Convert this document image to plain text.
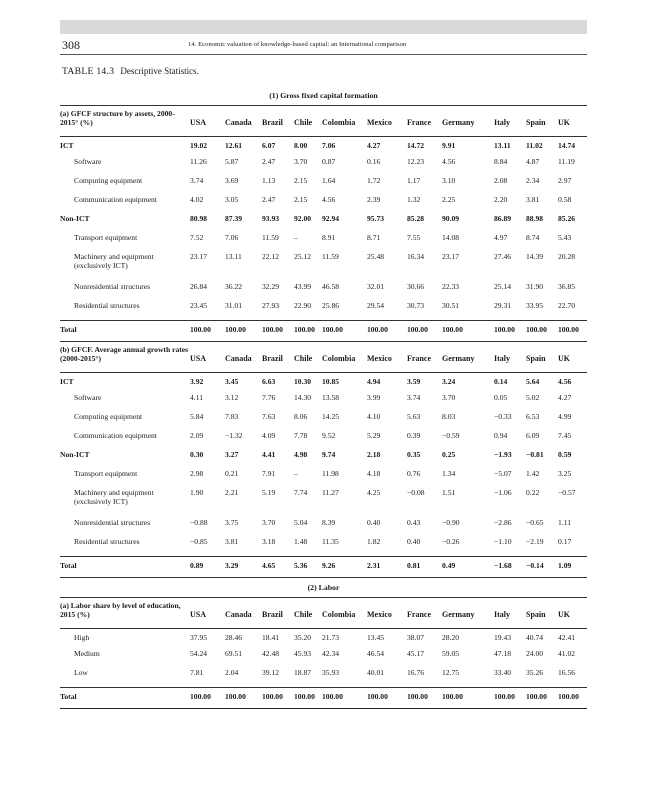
308	14. Economic valuation of knowledge-based capital: an International comparison
TABLE 14.3 Descriptive Statistics.
(1) Gross fixed capital formation
(a) GFCF structure by assets, 2000-2015° (%)	USA	Canada	Brazil	Chile	Colombia	Mexico	France	Germany	Italy	Spain	UK
ICT	19.02	12.61	6.07	8.00	7.06	4.27	14.72	9.91	13.11	11.02	14.74
Software	11.26	5.87	2.47	3.70	0.87	0.16	12.23	4.56	8.84	4.87	11.19
Computing equipment	3.74	3.69	1.13	2.15	1.64	1.72	1.17	3.10	2.08	2.34	2.97
Communication equipment	4.02	3.05	2.47	2.15	4.56	2.39	1.32	2.25	2.20	3.81	0.58
Non-ICT	80.98	87.39	93.93	92.00	92.94	95.73	85.28	90.09	86.89	88.98	85.26
Transport equipment	7.52	7.06	11.59	–	8.91	8.71	7.55	14.08	4.97	8.74	5.43
Machinery and equipment
(exclusively ICT)
23.17	13.11	22.12	25.12	11.59	25.48	16.34	23.17	27.46	14.39	20.28
Nonresidential structures	26.84	36.22	32.29	43.99	46.58	32.01	30.66	22.33	25.14	31.90	36.85
Residential structures	23.45	31.01	27.93	22.90	25.86	29.54	30.73	30.51	29.31	33.95	22.70
Total	100.00	100.00	100.00	100.00 100.00	100.00	100.00	100.00	100.00	100.00	100.00
(b) GFCF. Average annual growth rates (2000-2015°)	USA	Canada	Brazil	Chile	Colombia	Mexico	France	Germany	Italy	Spain	UK
ICT	3.92	3.45	6.63	10.30	10.85	4.94	3.59	3.24	0.14	5.64	4.56
Software	4.11	3.12	7.76	14.30	13.58	3.99	3.74	3.70	0.05	5.02	4.27
Computing equipment	5.84	7.83	7.63	8.06	14.25	4.10	5.63	8.03	−0.33	6.53	4.99
Communication equipment	2.09	−1.32	4.09	7.78	9.52	5.29	0.39	−0.59	0.94	6.09	7.45
Non-ICT	0.30	3.27	4.41	4.98	9.74	2.18	0.35	0.25	−1.93	−0.81	0.59
Transport equipment	2.98	0.21	7.91	–	11.98	4.18	0.76	1.34	−5.07	1.42	3.25
Machinery and equipment
(exclusively ICT)
1.90	2.21	5.19	7.74	11.27	4.25	−0.08	1.51	−1.06	0.22	−0.57
Nonresidential structures	−0.88	3.75	3.70	5.04	8.39	0.40	0.43	−0.90	−2.86	−0.65	1.11
Residential structures	−0.85	3.81	3.18	1.48	11.35	1.82	0.40	−0.26	−1.10	−2.19	0.17
Total	0.89	3.29	4.65	5.36	9.26	2.31	0.81	0.49	−1.68	−0.14	1.09
(2) Labor
(a) Labor share by level of education, 2015 (%)	USA	Canada	Brazil	Chile	Colombia	Mexico	France	Germany	Italy	Spain	UK
High	37.95	28.46	18.41	35.20	21.73	13.45	38.07	28.20	19.43	40.74	42.41
Medium	54.24	69.51	42.48	45.93	42.34	46.54	45.17	59.05	47.18	24.00	41.02
Low	7.81	2.04	39.12	18.87	35.93	40.01	16.76	12.75	33.40	35.26	16.56
Total	100.00	100.00	100.00	100.00 100.00	100.00	100.00	100.00	100.00	100.00	100.00
